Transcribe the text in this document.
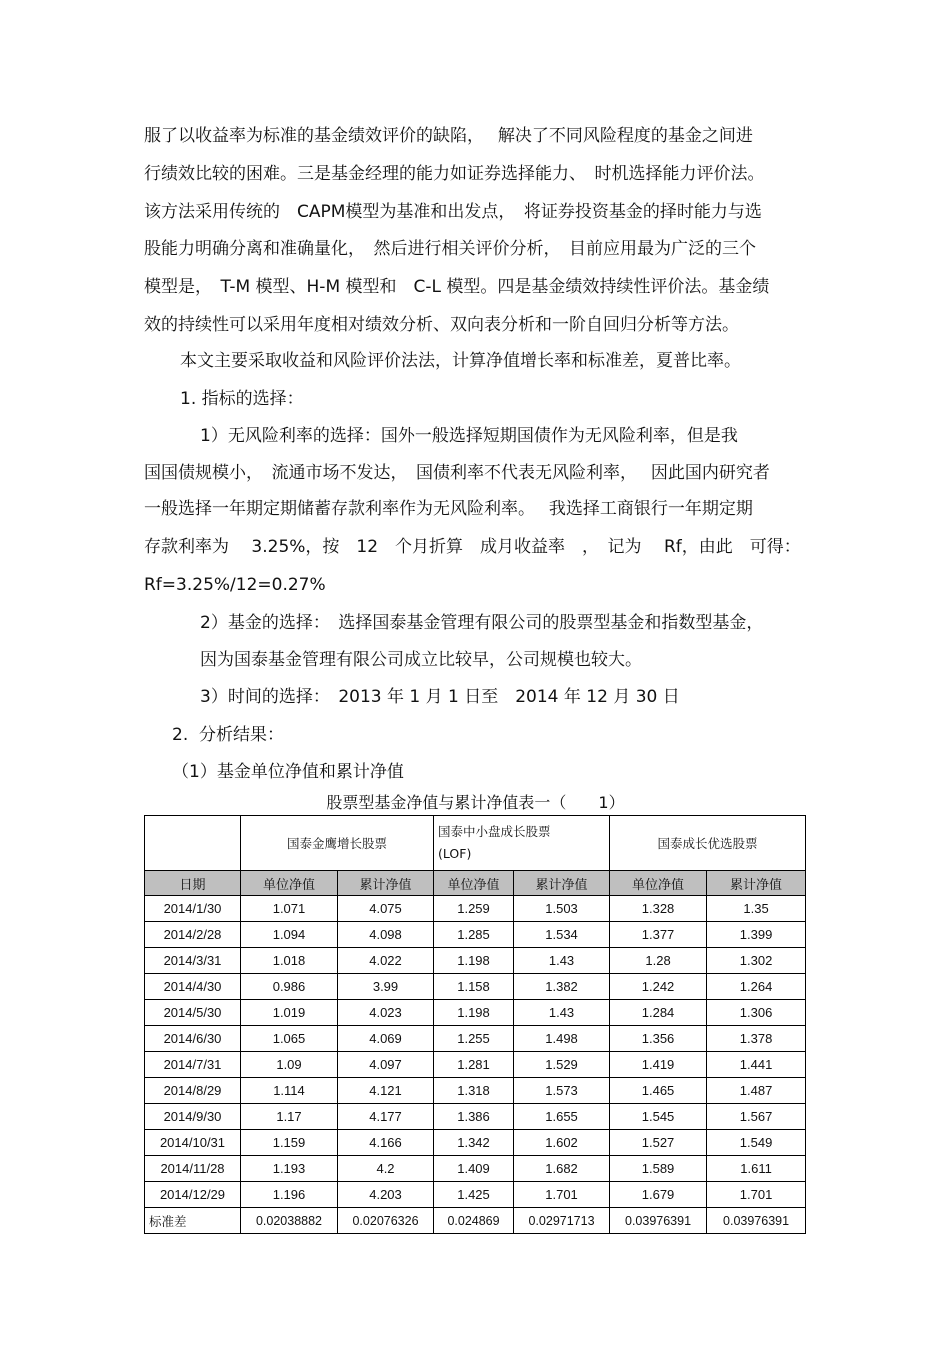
服了以收益率为标准的基金绩效评价的缺陷，　 解决了不同风险程度的基金之间进
行绩效比较的困难。三是基金经理的能力如证券选择能力、　时机选择能力评价法。
该方法采用传统的　CAPM模型为基准和出发点，　将证券投资基金的择时能力与选
股能力明确分离和准确量化，　然后进行相关评价分析，　目前应用最为广泛的三个
模型是，　T-M 模型、H-M 模型和　C-L 模型。四是基金绩效持续性评价法。基金绩
效的持续性可以采用年度相对绩效分析、双向表分析和一阶自回归分析等方法。
本文主要采取收益和风险评价法法，计算净值增长率和标准差，夏普比率。
1. 指标的选择：
1）无风险利率的选择：国外一般选择短期国债作为无风险利率，但是我
国国债规模小，　流通市场不发达，　国债利率不代表无风险利率，　 因此国内研究者
一般选择一年期定期储蓄存款利率作为无风险利率。　 我选择工商银行一年期定期
存款利率为　 3.25%，按　12　个月折算　成月收益率　，　记为　 Rf，由此　可得：
Rf=3.25%/12=0.27%
2）基金的选择：　选择国泰基金管理有限公司的股票型基金和指数型基金，
因为国泰基金管理有限公司成立比较早，公司规模也较大。
3）时间的选择：　2013 年 1 月 1 日至　2014 年 12 月 30 日
2.  分析结果：
（1）基金单位净值和累计净值
股票型基金净值与累计净值表一（　　1）
	国泰金鹰增长股票		国泰中小盘成长股票
(LOF)		国泰成长优选股票	
日期	单位净值	累计净值	单位净值	累计净值	单位净值	累计净值
2014/1/30	1.071	4.075	1.259	1.503	1.328	1.35
2014/2/28	1.094	4.098	1.285	1.534	1.377	1.399
2014/3/31	1.018	4.022	1.198	1.43	1.28	1.302
2014/4/30	0.986	3.99	1.158	1.382	1.242	1.264
2014/5/30	1.019	4.023	1.198	1.43	1.284	1.306
2014/6/30	1.065	4.069	1.255	1.498	1.356	1.378
2014/7/31	1.09	4.097	1.281	1.529	1.419	1.441
2014/8/29	1.114	4.121	1.318	1.573	1.465	1.487
2014/9/30	1.17	4.177	1.386	1.655	1.545	1.567
2014/10/31	1.159	4.166	1.342	1.602	1.527	1.549
2014/11/28	1.193	4.2	1.409	1.682	1.589	1.611
2014/12/29	1.196	4.203	1.425	1.701	1.679	1.701
标准差	0.02038882	0.02076326	0.024869	0.02971713	0.03976391	0.03976391
